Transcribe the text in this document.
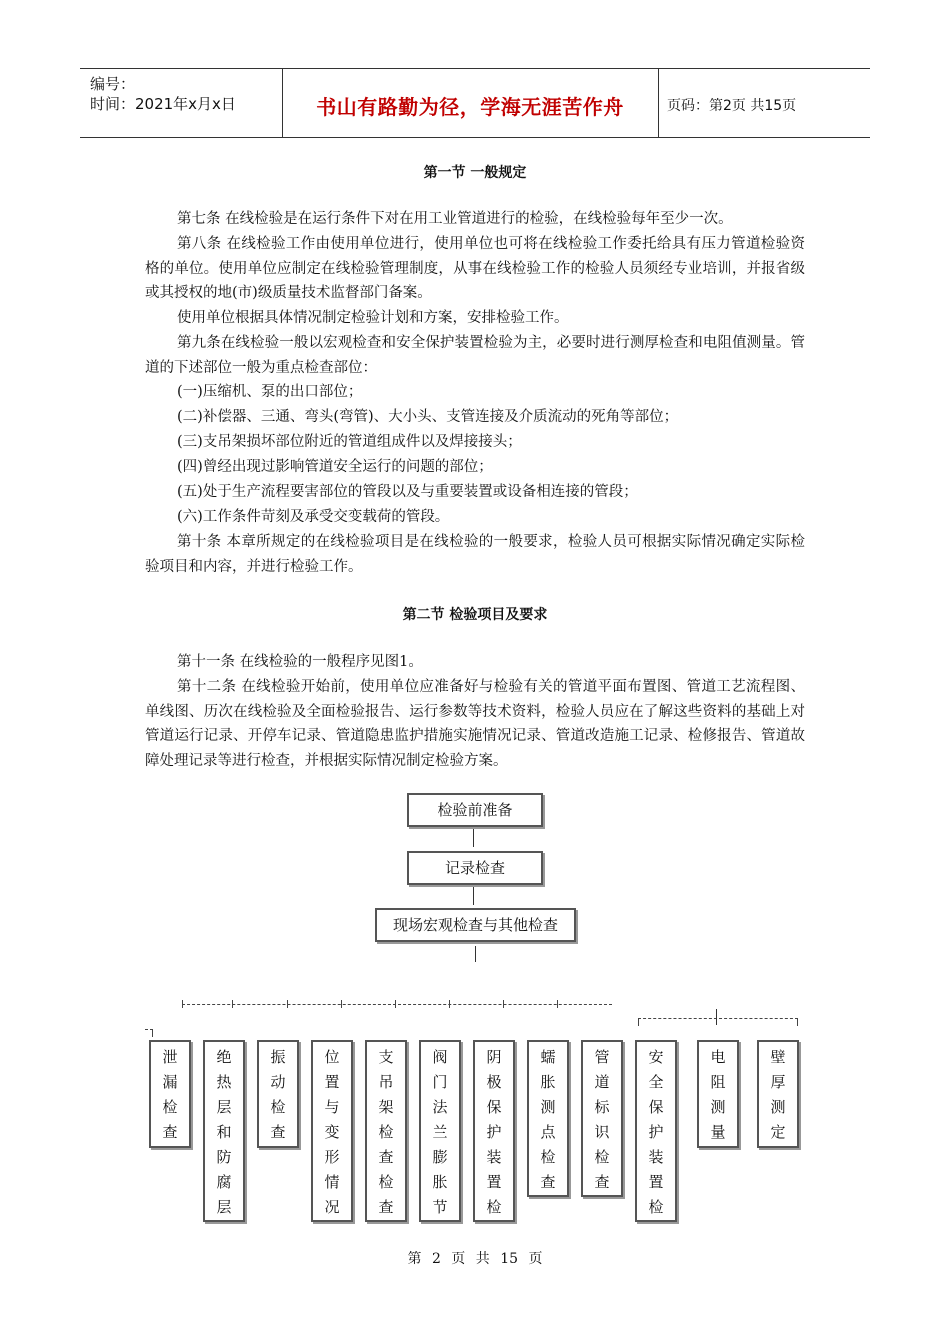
编号：
时间：2021年x月x日	书山有路勤为径，学海无涯苦作舟	页码：第2页 共15页
第一节 一般规定

第七条 在线检验是在运行条件下对在用工业管道进行的检验，在线检验每年至少一次。

第八条 在线检验工作由使用单位进行，使用单位也可将在线检验工作委托给具有压力管道检验资格的单位。使用单位应制定在线检验管理制度，从事在线检验工作的检验人员须经专业培训，并报省级或其授权的地(市)级质量技术监督部门备案。

使用单位根据具体情况制定检验计划和方案，安排检验工作。

第九条在线检验一般以宏观检查和安全保护装置检验为主，必要时进行测厚检查和电阻值测量。管道的下述部位一般为重点检查部位：

(一)压缩机、泵的出口部位；
(二)补偿器、三通、弯头(弯管)、大小头、支管连接及介质流动的死角等部位；
(三)支吊架损坏部位附近的管道组成件以及焊接接头；
(四)曾经出现过影响管道安全运行的问题的部位；
(五)处于生产流程要害部位的管段以及与重要装置或设备相连接的管段；
(六)工作条件苛刻及承受交变载荷的管段。

第十条 本章所规定的在线检验项目是在线检验的一般要求，检验人员可根据实际情况确定实际检验项目和内容，并进行检验工作。

第二节 检验项目及要求

第十一条 在线检验的一般程序见图1。

第十二条 在线检验开始前，使用单位应准备好与检验有关的管道平面布置图、管道工艺流程图、单线图、历次在线检验及全面检验报告、运行参数等技术资料，检验人员应在了解这些资料的基础上对管道运行记录、开停车记录、管道隐患监护措施实施情况记录、管道改造施工记录、检修报告、管道故障处理记录等进行检查，并根据实际情况制定检验方案。

检验前准备
记录检查
现场宏观检查与其他检查
泄
漏
检
查
绝
热
层
和
防
腐
层
振
动
检
查
位
置
与
变
形
情
况
支
吊
架
检
查
检
查
阀
门
法
兰
膨
胀
节
阴
极
保
护
装
置
检
蠕
胀
测
点
检
查
管
道
标
识
检
查
安
全
保
护
装
置
检
电
阻
测
量
壁
厚
测
定
第 2 页 共 15 页
